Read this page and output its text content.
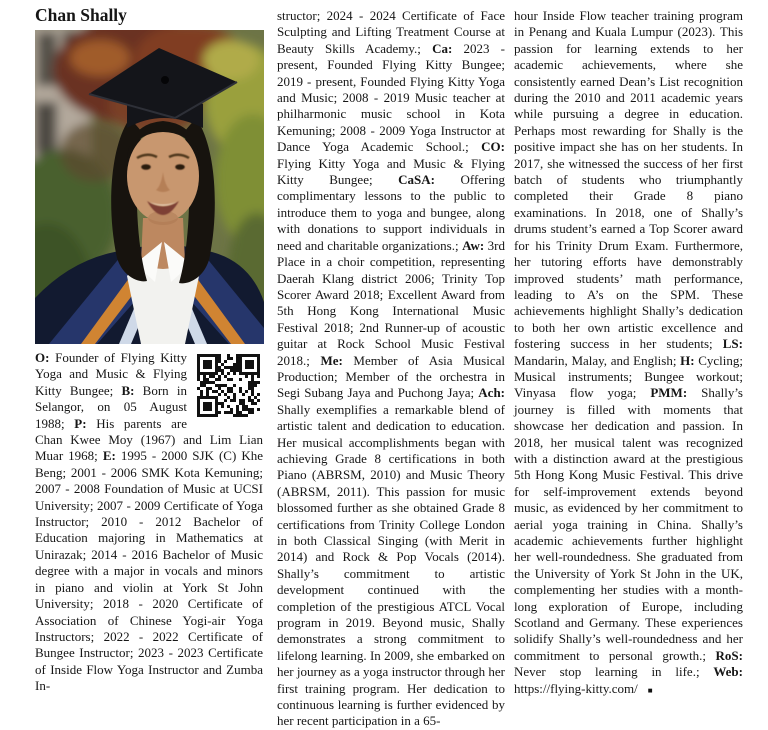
Chan Shally
O: Founder of Flying Kitty Yoga and Music & Flying Kitty Bungee; B: Born in Selangor, on 05 August 1988; P: His parents are Chan Kwee Moy (1967) and Lim Lian Muar 1968; E: 1995 - 2000 SJK (C) Khe Beng; 2001 - 2006 SMK Kota Kemuning; 2007 - 2008 Foundation of Music at UCSI University; 2007 - 2009 Certificate of Yoga Instructor; 2010 - 2012 Bachelor of Education majoring in Mathematics at Unirazak; 2014 - 2016 Bachelor of Music degree with a major in vocals and minors in piano and violin at York St John University; 2018 - 2020 Certificate of Association of Chinese Yogi-air Yoga Instructors; 2022 - 2022 Certificate of Bungee Instructor; 2023 - 2023 Certificate of Inside Flow Yoga Instructor and Zumba In-
structor; 2024 - 2024 Certificate of Face Sculpting and Lifting Treatment Course at Beauty Skills Academy.; Ca: 2023 - present, Founded Flying Kitty Bungee; 2019 - present, Founded Flying Kitty Yoga and Music; 2008 - 2019 Music teacher at philharmonic music school in Kota Kemuning; 2008 - 2009 Yoga Instructor at Dance Yoga Academic School.; CO: Flying Kitty Yoga and Music & Flying Kitty Bungee; CaSA: Offering complimentary lessons to the public to introduce them to yoga and bungee, along with donations to support individuals in need and charitable organizations.; Aw: 3rd Place in a choir competition, representing Daerah Klang district 2006; Trinity Top Scorer Award 2018; Excellent Award from 5th Hong Kong International Music Festival 2018; 2nd Runner-up of acoustic guitar at Rock School Music Festival 2018.; Me: Member of Asia Musical Production; Member of the orchestra in Segi Subang Jaya and Puchong Jaya; Ach: Shally exemplifies a remarkable blend of artistic talent and dedication to education. Her musical accomplishments began with achieving Grade 8 certifications in both Piano (ABRSM, 2010) and Music Theory (ABRSM, 2011). This passion for music blossomed further as she obtained Grade 8 certifications from Trinity College London in both Classical Singing (with Merit in 2014) and Rock & Pop Vocals (2014). Shally’s commitment to artistic development continued with the completion of the prestigious ATCL Vocal program in 2019. Beyond music, Shally demonstrates a strong commitment to lifelong learning. In 2009, she embarked on her journey as a yoga instructor through her first training program. Her dedication to continuous learning is further evidenced by her recent participation in a 65-
hour Inside Flow teacher training program in Penang and Kuala Lumpur (2023). This passion for learning extends to her academic achievements, where she consistently earned Dean’s List recognition during the 2010 and 2011 academic years while pursuing a degree in education. Perhaps most rewarding for Shally is the positive impact she has on her students. In 2017, she witnessed the success of her first batch of students who triumphantly completed their Grade 8 piano examinations. In 2018, one of Shally’s drums student’s earned a Top Scorer award for his Trinity Drum Exam. Furthermore, her tutoring efforts have demonstrably improved students’ math performance, leading to A’s on the SPM. These achievements highlight Shally’s dedication to both her own artistic excellence and fostering success in her students; LS: Mandarin, Malay, and English; H: Cycling; Musical instruments; Bungee workout; Vinyasa flow yoga; PMM: Shally’s journey is filled with moments that showcase her dedication and passion. In 2018, her musical talent was recognized with a distinction award at the prestigious 5th Hong Kong Music Festival. This drive for self-improvement extends beyond music, as evidenced by her commitment to aerial yoga training in China. Shally’s academic achievements further highlight her well-roundedness. She graduated from the University of York St John in the UK, complementing her studies with a month-long exploration of Europe, including Scotland and Germany. These experiences solidify Shally’s well-roundedness and her commitment to personal growth.; RoS: Never stop learning in life.; Web: https://flying-kitty.com/ ■
